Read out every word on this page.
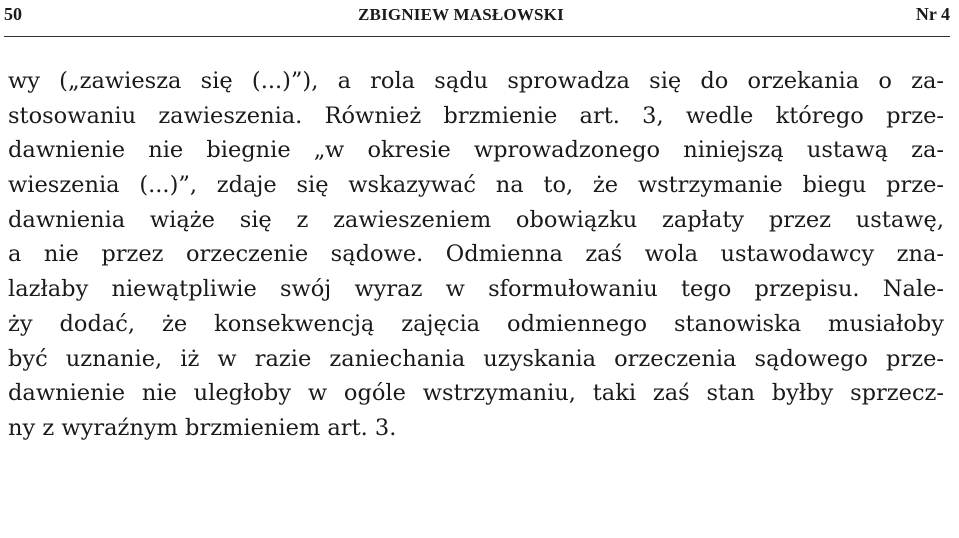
50	ZBIGNIEW MASŁOWSKI	Nr 4
wy („zawiesza się (...)”), a rola sądu sprowadza się do orzekania o za-
stosowaniu zawieszenia. Również brzmienie art. 3, wedle którego prze-
dawnienie nie biegnie „w okresie wprowadzonego niniejszą ustawą za-
wieszenia (...)”, zdaje się wskazywać na to, że wstrzymanie biegu prze-
dawnienia wiąże się z zawieszeniem obowiązku zapłaty przez ustawę,
a nie przez orzeczenie sądowe. Odmienna zaś wola ustawodawcy zna-
lazłaby niewątpliwie swój wyraz w sformułowaniu tego przepisu. Nale-
ży dodać, że konsekwencją zajęcia odmiennego stanowiska musiałoby
być uznanie, iż w razie zaniechania uzyskania orzeczenia sądowego prze-
dawnienie nie uległoby w ogóle wstrzymaniu, taki zaś stan byłby sprzecz-
ny z wyraźnym brzmieniem art. 3.
